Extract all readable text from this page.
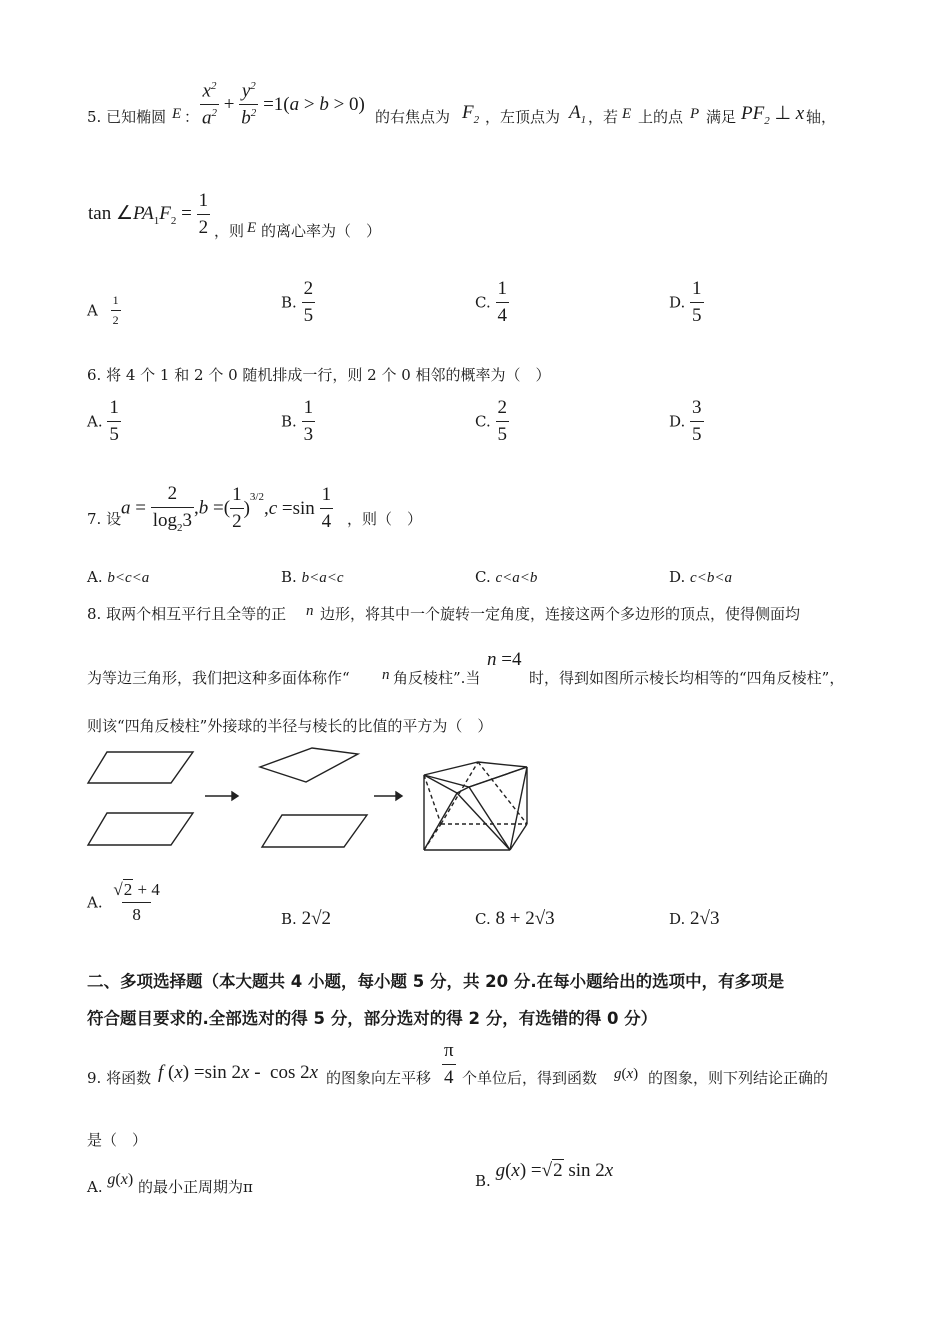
5. 已知椭圆 E ： $\frac{x^2}{a^2} + \frac{y^2}{b^2} =1(a > b > 0)$
的右焦点为 $F_2$ ，左顶点为 $A_1$ ，若 E 上的点 P 满足 $PF_2$ ⊥ x 轴，
$\tan \angle PA_1F_2 = \frac{1}{2}$ ，则 E 的离心率为（　）
A $\frac{1}{2}$	B. $\frac{2}{5}$	C. $\frac{1}{4}$	D. $\frac{1}{5}$
6. 将 4 个 1 和 2 个 0 随机排成一行，则 2 个 0 相邻的概率为（　）
A. $\frac{1}{5}$	B. $\frac{1}{3}$	C. $\frac{2}{5}$	D. $\frac{3}{5}$
7. 设
$a = \frac{2}{\log_23} ,b$ =( $\frac{1}{2} )^{3/2},c =\sin \frac{1}{4}$ ，则（　）
A. b<c<a	B. b<a<c	C. c<a<b	D. c<b<a
8. 取两个相互平行且全等的正 n 边形，将其中一个旋转一定角度，连接这两个多边形的顶点，使得侧面均
为等边三角形，我们把这种多面体称作“ n 角反棱柱”.当
n =4
时，得到如图所示棱长均相等的“四角反棱柱”，
则该“四角反棱柱”外接球的半径与棱长的比值的平方为（　）
A. $\frac{√2 + 4}{8}$	B. 2√2	C. 8 + 2√3	D. 2√3
二、多项选择题（本大题共 4 小题，每小题 5 分，共 20 分.在每小题给出的选项中，有多项是
符合题目要求的.全部选对的得 5 分，部分选对的得 2 分，有选错的得 0 分）
9. 将函数 f (x) =sin 2x -  cos 2x 的图象向左平移 $\frac{\pi}{4}$ 个单位后，得到函数 g(x) 的图象，则下列结论正确的
是（　）
A. g(x) 的最小正周期为π	B. g(x) =√2 sin 2x
